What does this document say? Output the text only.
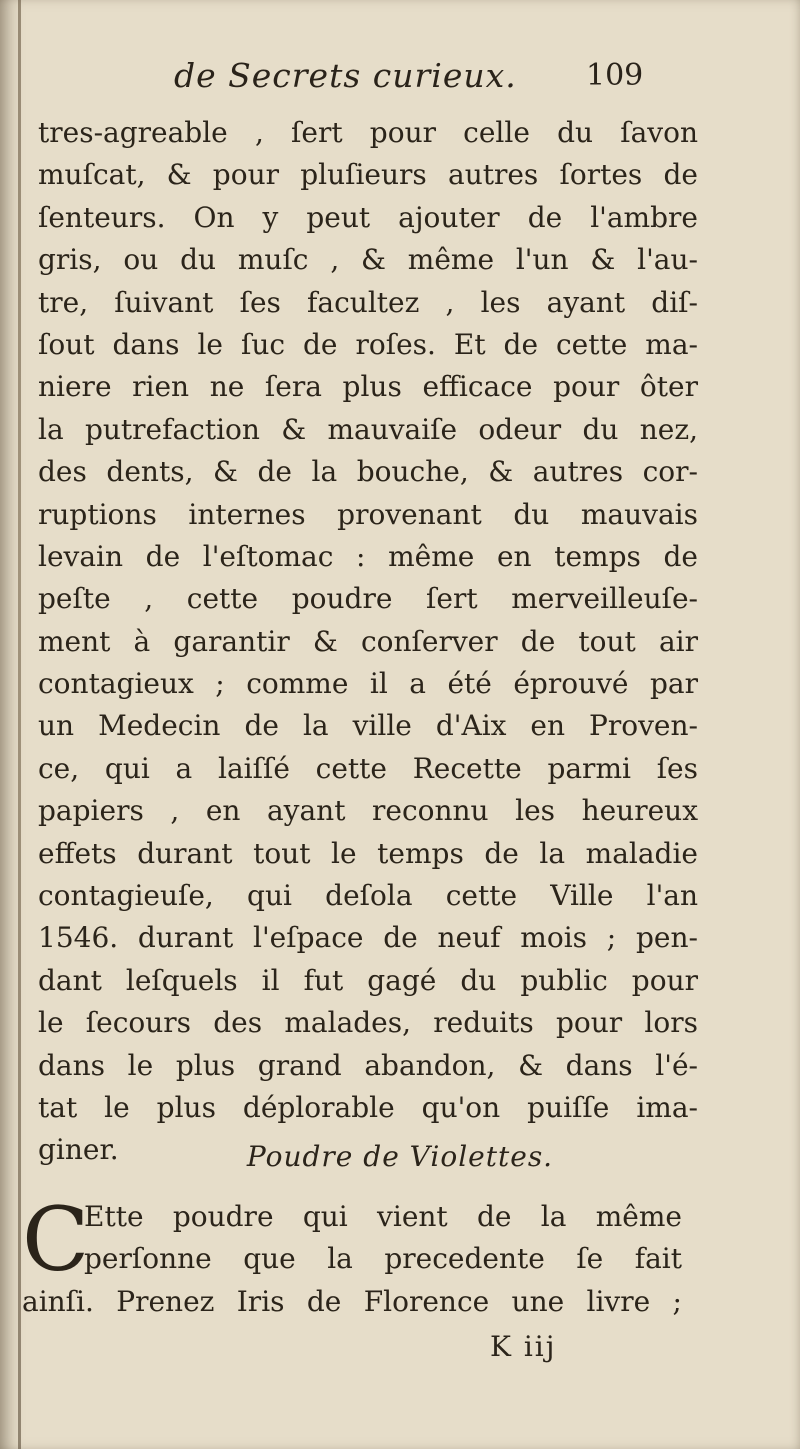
de Secrets curieux. 109
tres-agreable , ſert pour celle du ſavon
muſcat, & pour pluſieurs autres ſortes de
ſenteurs. On y peut ajouter de l'ambre
gris, ou du muſc , & même l'un & l'au-
tre, ſuivant ſes facultez , les ayant diſ-
ſout dans le ſuc de roſes. Et de cette ma-
niere rien ne ſera plus efficace pour ôter
la putrefaction & mauvaiſe odeur du nez,
des dents, & de la bouche, & autres cor-
ruptions internes provenant du mauvais
levain de l'eſtomac : même en temps de
peſte , cette poudre ſert merveilleuſe-
ment à garantir & conſerver de tout air
contagieux ; comme il a été éprouvé par
un Medecin de la ville d'Aix en Proven-
ce, qui a laiſſé cette Recette parmi ſes
papiers , en ayant reconnu les heureux
effets durant tout le temps de la maladie
contagieuſe, qui deſola cette Ville l'an
1546. durant l'eſpace de neuf mois ; pen-
dant leſquels il fut gagé du public pour
le ſecours des malades, reduits pour lors
dans le plus grand abandon, & dans l'é-
tat le plus déplorable qu'on puiſſe ima-
giner.	Poudre de Violettes.
C
Ette poudre qui vient de la même
perſonne que la precedente ſe fait
ainſi. Prenez Iris de Florence une livre ;
K iij
